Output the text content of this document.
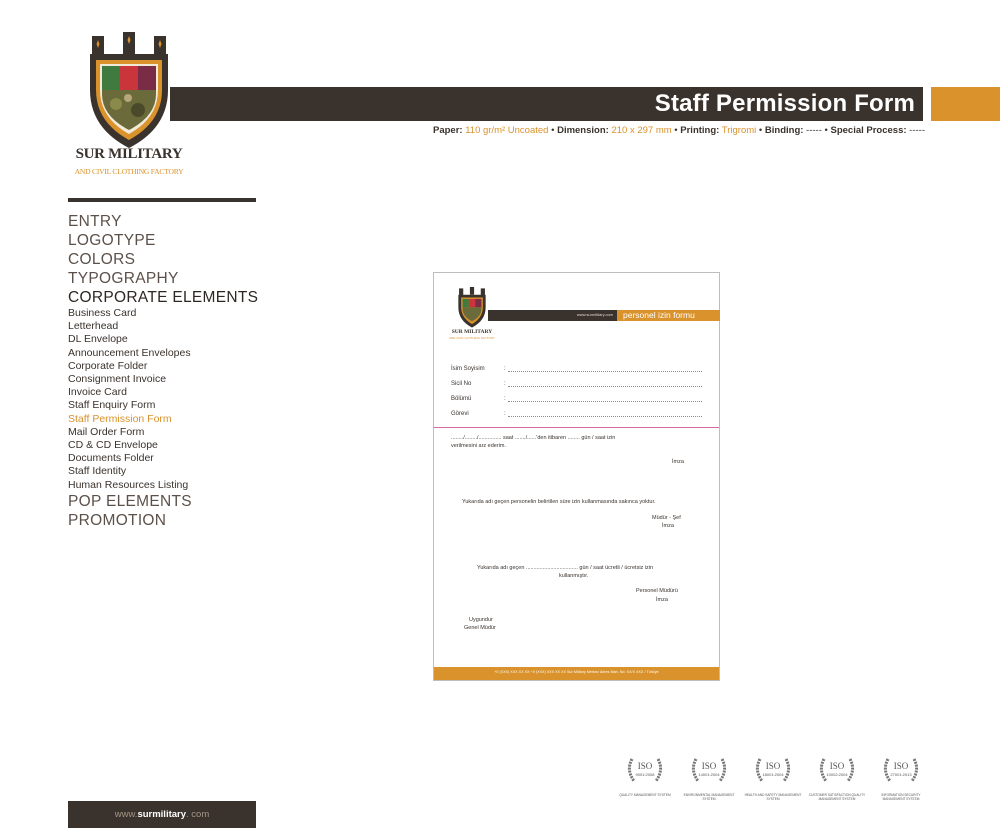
Staff Permission Form
Paper: 110 gr/m² Uncoated • Dimension: 210 x 297 mm • Printing: Trigromi • Binding: ----- • Special Process: -----
SUR MILITARY
AND CIVIL CLOTHING FACTORY
ENTRY
LOGOTYPE
COLORS
TYPOGRAPHY
CORPORATE ELEMENTS
Business Card
Letterhead
DL Envelope
Announcement Envelopes
Corporate Folder
Consignment Invoice
Invoice Card
Staff Enquiry Form
Staff Permission Form
Mail Order Form
CD & CD Envelope
Documents Folder
Staff Identity
Human Resources Listing
POP ELEMENTS
PROMOTION
SUR MILITARY
AND CIVIL CLOTHING FACTORY
www.surmilitary.com personel izin formu
İsim Soyisim	:
Sicil No	:
Bölümü	:
Görevi	:
......../......../............... saat ......./......'den itibaren ........ gün / saat izin
verilmesini arz ederim.
İmza
Yukarıda adı geçen personelin belirtilen süre izin kullanmasında sakınca yoktur.
Müdür - Şef
İmza
Yukarıda adı geçen .................................. gün / saat ücretli / ücretsiz izin
kullanmıştır.
Personel Müdürü
İmza
Uygundur
Genel Müdür
+0 (XXX) XXX XX XX +0 (XXX) XXX XX XX Sur Military Merkez Adres Mah. No: XX/X XXX / Türkiye
ISO
9001:2008
QUALITY MANAGEMENT SYSTEM
ISO
14001:2004
ENVIRONMENTAL MANAGEMENT SYSTEM
ISO
18001:2004
HEALTH AND SAFETY MANAGEMENT SYSTEM
ISO
10002:2004
CUSTOMER SATISFACTION QUALITY MANAGEMENT SYSTEM
ISO
27001:2013
INFORMATION SECURITY MANAGEMENT SYSTEM
www.surmilitary. com
